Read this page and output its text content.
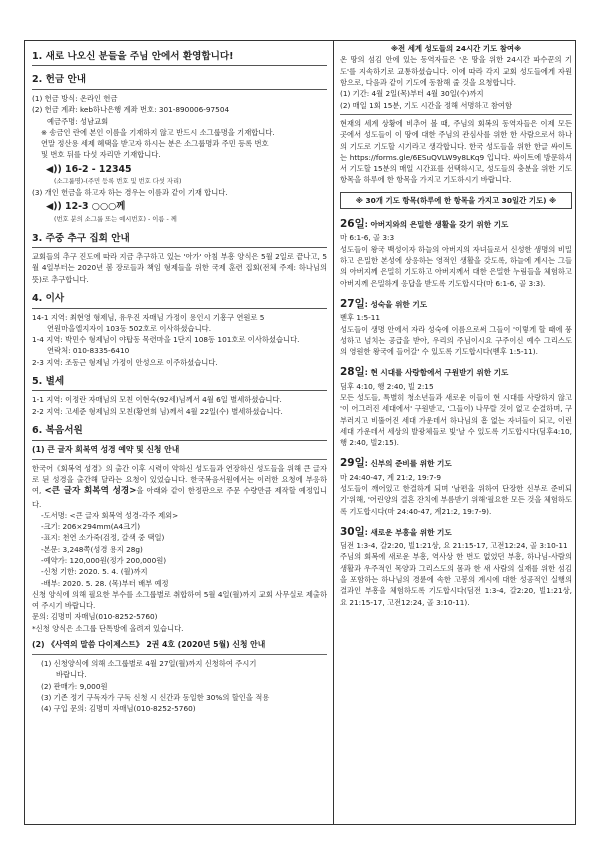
1. 새로 나오신 분들을 주님 안에서 환영합니다!
2. 헌금 안내
(1) 헌금 방식: 온라인 헌금
(2) 헌금 계좌: keb하나은행 계좌 번호: 301-890006-97504
예금주명: 성남교회
※ 송금인 란에 본인 이름을 기재하지 않고 반드시 소그룹명을 기재합니다.
연말 정산용 세제 혜택을 받고자 하시는 분은 소그룹명과 주민 등록 번호
및 번호 뒤를 다섯 자리만 기재합니다.
◀)) 16-2 - 12345
(소그룹명)-(주민 등록 번호 및 번호 다섯 자리)
(3) 개인 헌금을 하고자 하는 경우는 이름과 같이 기재 합니다.
◀)) 12-3 ○○○께
(번호 분의 소그룹 또는 예시번호) - 이름 - 께
3. 주중 추구 집회 안내
교회들의 추구 진도에 따라 지금 추구하고 있는 '아가' 아침 부흥 양식은 5월 2일로 끝나고, 5월 4일부터는 2020년 봄 장로들과 책임 형제들을 위한 국제 훈련 집회(전체 주제: 하나님의 뜻)로 추구합니다.
4. 이사
14-1 지역: 최현영 형제님, 유우진 자매님 가정이 용인시 기흥구 연원로 5
연원마을엘지자이 103동 502호로 이사하셨습니다.
1-4 지역: 박민수 형제님이 야탑동 목련마을 1단지 108동 101호로 이사하셨습니다.
연락처: 010-8335-6410
2-3 지역: 조동근 형제님 가정이 안성으로 이주하셨습니다.
5. 별세
1-1 지역: 이정란 자매님의 모친 이현숙(92세)님께서 4월 6일 별세하셨습니다.
2-2 지역: 고세준 형제님의 모친(황연희 님)께서 4월 22일(수) 별세하셨습니다.
6. 복음서원
(1) 큰 글자 회복역 성경 예약 및 신청 안내
한국어《회복역 성경》의 출간 이후 시력이 약하신 성도들과 연장하신 성도들을 위해 큰 글자로 된 성경을 출간해 달라는 요청이 있었습니다. 한국복음서원에서는 이러한 요청에 부응하여, <큰 글자 회복역 성경>을 아래와 같이 한정판으로 주문 수량만큼 제작할 예정입니다.
-도서명: <큰 글자 회복역 성경-각주 제외>
-크기: 206×294mm(A4크기)
-표지: 천연 소가죽(검정, 갈색 중 택일)
-본문: 3,248쪽(성경 용지 28g)
-예약가: 120,000원(정가 200,000원)
-신청 기한: 2020. 5. 4. (월)까지
-배부: 2020. 5. 28. (목)부터 배부 예정
신청 양식에 의해 필요한 부수를 소그룹별로 취합하여 5월 4일(월)까지 교회 사무실로 제출하여 주시기 바랍니다.
문의: 김명미 자매님(010-8252-5760)
*신청 양식은 소그룹 단톡방에 올려져 있습니다.
(2) 《사역의 말씀 다이제스트》 2권 4호 (2020년 5월) 신청 안내
(1) 신청양식에 의해 소그룹별로 4월 27일(월)까지 신청하여 주시기
바랍니다.
(2) 판매가: 9,000원
(3) 기존 정기 구독자가 구독 신청 시 신간과 동일한 30%의 할인을 적용
(4) 구입 문의: 김명미 자매님(010-8252-5760)
※전 세계 성도들의 24시간 기도 참여※
온 땅의 섬김 안에 있는 동역자들은 '온 땅을 위한 24시간 파수꾼의 기도'를 지속하기로 교통하셨습니다. 이에 따라 각지 교회 성도들에게 자원함으로, 다음과 같이 기도에 동참해 줄 것을 요청합니다.
(1) 기간: 4월 2일(목)부터 4월 30일(수)까지
(2) 매일 1회 15분, 기도 시간을 정해 서명하고 참여함
현재의 세계 상황에 비추어 볼 때, 주님의 회복의 동역자들은 이제 모든 곳에서 성도들이 이 땅에 대한 주님의 관심사를 위한 한 사람으로서 하나의 기도로 기도할 시기라고 생각합니다. 한국 성도들을 위한 한글 싸이트는 https://forms.gle/6ESuQVLW9y8LKq9 입니다. 싸이트에 방문하셔서 기도할 15분의 매일 시간표를 선택하시고, 성도들의 충분을 위한 기도 항목을 하루에 한 항목을 가지고 기도하시기 바랍니다.
※ 30개 기도 항목(하루에 한 항목을 가지고 30일간 기도) ※
26일: 아버지와의 은밀한 생활을 갖기 위한 기도
마 6:1-6, 골 3:3
성도들이 왕국 백성이자 하늘의 아버지의 자녀들로서 신성한 생명의 비밀하고 은밀한 본성에 상응하는 영적인 생활을 갖도록, 하늘에 계시는 그들의 아버지께 은밀히 기도하고 아버지께서 대한 은밀한 누림들을 체험하고 아버지께 은밀하게 응답을 받도록 기도합시다(마 6:1-6, 골 3:3).
27일: 성숙을 위한 기도
벧후 1:5-11
성도들이 생명 안에서 자라 성숙에 이름으로써 그들이 '이렇게 할 때에 풍성하고 넘치는 공급을 받아, 우리의 주님이시요 구주이신 예수 그리스도의 영원한 왕국에 들어갈' 수 있도록 기도합시다(벧후 1:5-11).
28일: 현 시대를 사랑함에서 구원받기 위한 기도
딤후 4:10, 행 2:40, 빌 2:15
모든 성도들, 특별히 청소년들과 새로운 이들이 현 시대를 사랑하지 않고 '이 어그러진 세대에서' 구원받고, '그들이) 나무랄 것이 없고 순결하며, 구부러지고 비뚤어진 세대 가운데서 하나님의 흠 없는 자녀들이 되고, 이런 세대 가운데서 세상의 발광체들로 빛'날 수 있도록 기도합시다(딤후4:10, 행 2:40, 빌2:15).
29일: 신부의 준비를 위한 기도
마 24:40-47, 계 21:2, 19:7-9
성도들이 깨어있고 한결하게 되며 '남편을 위하여 단장한 신부로 준비되기'위해, '어린양의 결혼 잔치에 부름받기 위해'필요한 모든 것을 체험하도록 기도합시다(마 24:40-47, 계21:2, 19:7-9).
30일: 새로운 부흥을 위한 기도
딤전 1:3-4, 갈2:20, 빌1:21상, 요 21:15-17, 고전12:24, 골 3:10-11
주님의 회복에 새로운 부흥, 역사상 한 번도 없었던 부흥, 하나님-사람의 생활과 우주적인 목양과 그리스도의 몸과 한 새 사람의 실재를 위한 섬김을 포함하는 하나님의 경륜에 속한 고봉의 계시에 대한 성공적인 실행의 결과인 부흥을 체험하도록 기도합시다(딤전 1:3-4, 갈2:20, 빌1:21상, 요 21:15-17, 고전12:24, 골 3:10-11).
